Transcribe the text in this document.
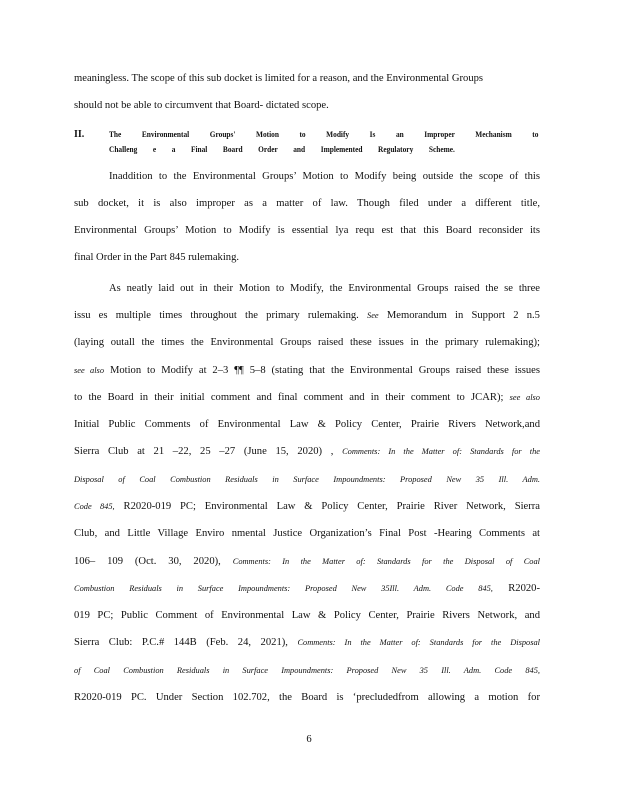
meaningless. The scope of this sub docket is limited for a reason, and the Environmental Groups
should not be able to circumvent that Board- dictated scope.
II.	The Environmental Groups' Motion to Modify Is an Improper Mechanism to
Challeng e a Final Board Order and Implemented Regulatory Scheme.
Inaddition to the Environmental Groups’ Motion to Modify being outside the scope of this
sub docket, it is also improper as a matter of law. Though filed under a different title,
Environmental Groups’ Motion to Modify is essential lya requ est that this Board reconsider its
final Order in the Part 845 rulemaking.
As neatly laid out in their Motion to Modify, the Environmental Groups raised the se three
issu es multiple times throughout the primary rulemaking. See Memorandum in Support 2 n.5
(laying outall the times the Environmental Groups raised these issues in the primary rulemaking);
see also Motion to Modify at 2–3 ¶¶ 5–8 (stating that the Environmental Groups raised these issues
to the Board in their initial comment and final comment and in their comment to JCAR); see also
Initial Public Comments of Environmental Law & Policy Center, Prairie Rivers Network,and
Sierra Club at 21 –22, 25 –27 (June 15, 2020) , Comments: In the Matter of: Standards for the
Disposal of Coal Combustion Residuals in Surface Impoundments: Proposed New 35 Ill. Adm.
Code 845, R2020-019 PC; Environmental Law & Policy Center, Prairie River Network, Sierra
Club, and Little Village Enviro nmental Justice Organization’s Final Post -Hearing Comments at
106– 109 (Oct. 30, 2020), Comments: In the Matter of: Standards for the Disposal of Coal
Combustion Residuals in Surface Impoundments: Proposed New 35Ill. Adm. Code 845, R2020-
019 PC; Public Comment of Environmental Law & Policy Center, Prairie Rivers Network, and
Sierra Club: P.C.# 144B (Feb. 24, 2021), Comments: In the Matter of: Standards for the Disposal
of Coal Combustion Residuals in Surface Impoundments: Proposed New 35 Ill. Adm. Code 845,
R2020-019 PC. Under Section 102.702, the Board is ‘precludedfrom allowing a motion for
6
